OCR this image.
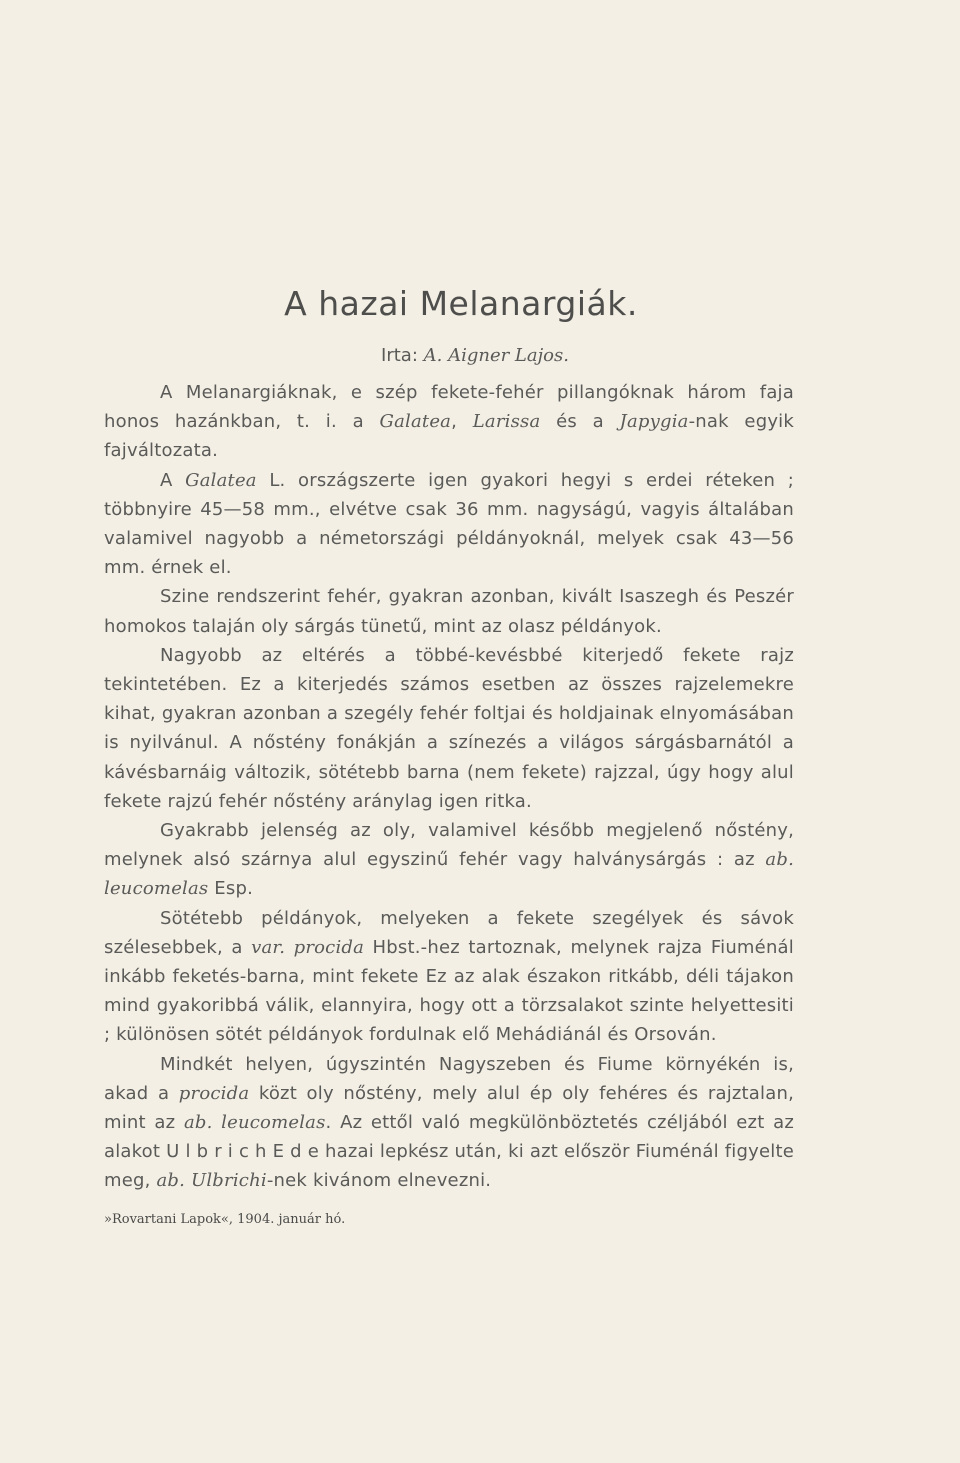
A hazai Melanargiák.
Irta: A. Aigner Lajos.

A Melanargiáknak, e szép fekete-fehér pillangóknak három faja honos hazánkban, t. i. a Galatea, Larissa és a Japygia-nak egyik fajváltozata.

A Galatea L. országszerte igen gyakori hegyi s erdei réteken ; többnyire 45—58 mm., elvétve csak 36 mm. nagyságú, vagyis általában valamivel nagyobb a németországi példányoknál, melyek csak 43—56 mm. érnek el.

Szine rendszerint fehér, gyakran azonban, kivált Isaszegh és Peszér homokos talaján oly sárgás tünetű, mint az olasz példányok.

Nagyobb az eltérés a többé-kevésbbé kiterjedő fekete rajz tekintetében. Ez a kiterjedés számos esetben az összes rajzelemekre kihat, gyakran azonban a szegély fehér foltjai és holdjainak elnyomásában is nyilvánul. A nőstény fonákján a színezés a világos sárgásbarnától a kávésbarnáig változik, sötétebb barna (nem fekete) rajzzal, úgy hogy alul fekete rajzú fehér nőstény aránylag igen ritka.

Gyakrabb jelenség az oly, valamivel később megjelenő nőstény, melynek alsó szárnya alul egyszinű fehér vagy halványsárgás : az ab. leucomelas Esp.

Sötétebb példányok, melyeken a fekete szegélyek és sávok szélesebbek, a var. procida Hbst.-hez tartoznak, melynek rajza Fiuménál inkább feketés-barna, mint fekete Ez az alak északon ritkább, déli tájakon mind gyakoribbá válik, elannyira, hogy ott a törzsalakot szinte helyettesiti ; különösen sötét példányok fordulnak elő Mehádiánál és Orsován.

Mindkét helyen, úgyszintén Nagyszeben és Fiume környékén is, akad a procida közt oly nőstény, mely alul ép oly fehéres és rajztalan, mint az ab. leucomelas. Az ettől való megkülönböztetés czéljából ezt az alakot U l b r i c h E d e hazai lepkész után, ki azt először Fiuménál figyelte meg, ab. Ulbrichi-nek kivánom elnevezni.

»Rovartani Lapok«, 1904. január hó.
